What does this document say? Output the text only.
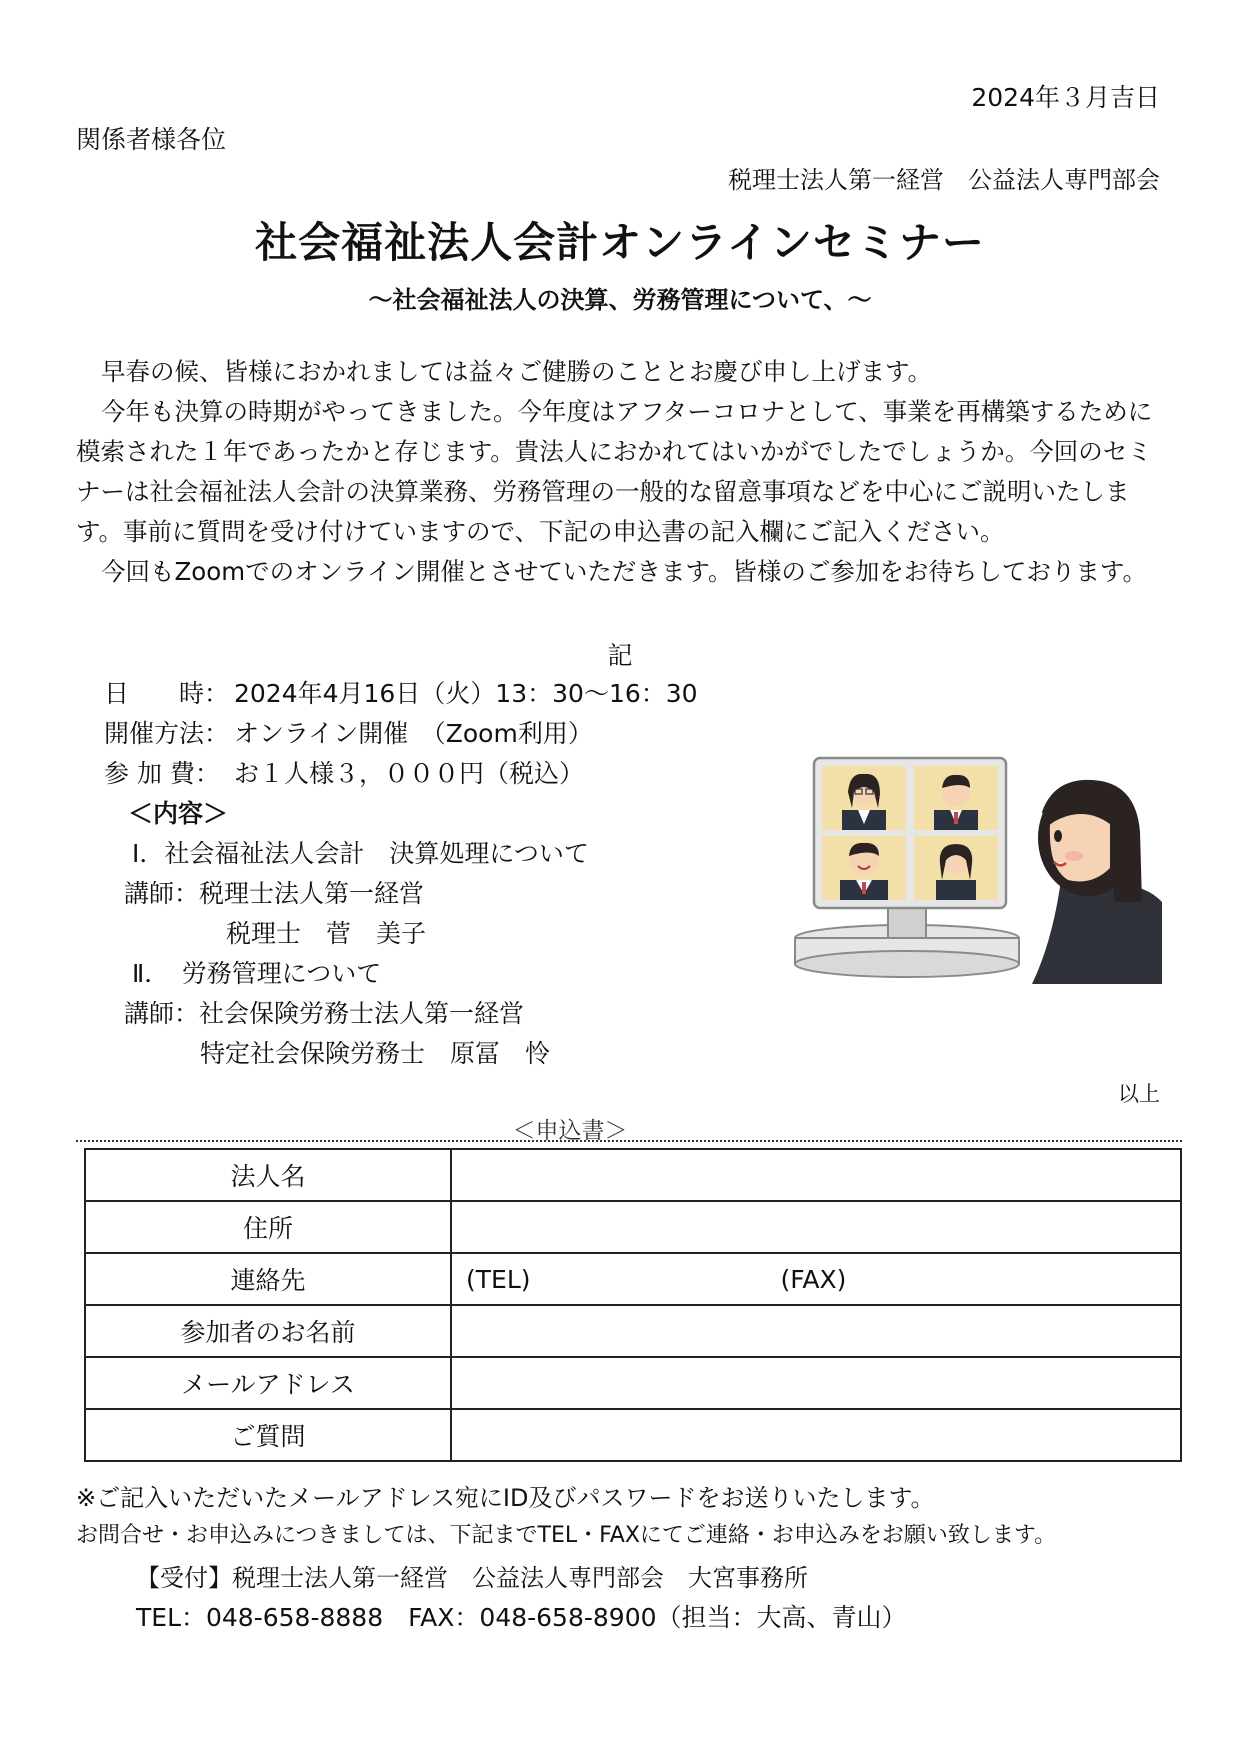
2024年３月吉日
関係者様各位
税理士法人第一経営　公益法人専門部会
社会福祉法人会計オンラインセミナー
～社会福祉法人の決算、労務管理について、～
早春の候、皆様におかれましては益々ご健勝のこととお慶び申し上げます。
今年も決算の時期がやってきました。今年度はアフターコロナとして、事業を再構築するために模索された１年であったかと存じます。貴法人におかれてはいかがでしたでしょうか。今回のセミナーは社会福祉法人会計の決算業務、労務管理の一般的な留意事項などを中心にご説明いたします。事前に質問を受け付けていますので、下記の申込書の記入欄にご記入ください。
今回もZoomでのオンライン開催とさせていただきます。皆様のご参加をお待ちしております。
記
日　　時： 2024年4月16日（火）13：30～16：30
開催方法： オンライン開催　（Zoom利用）
参 加 費： お１人様３，０００円（税込）
＜内容＞
Ⅰ．社会福祉法人会計　決算処理について
講師：税理士法人第一経営
税理士　菅　美子
Ⅱ．　労務管理について
講師：社会保険労務士法人第一経営
特定社会保険労務士　原冨　怜
以上
＜申込書＞
法人名	
住所	
連絡先	(TEL) (FAX)
参加者のお名前	
メールアドレス	
ご質問	
※ご記入いただいたメールアドレス宛にID及びパスワードをお送りいたします。
お問合せ・お申込みにつきましては、下記までTEL・FAXにてご連絡・お申込みをお願い致します。
【受付】税理士法人第一経営　公益法人専門部会　大宮事務所
TEL：048-658-8888　FAX：048-658-8900（担当：大高、青山）
